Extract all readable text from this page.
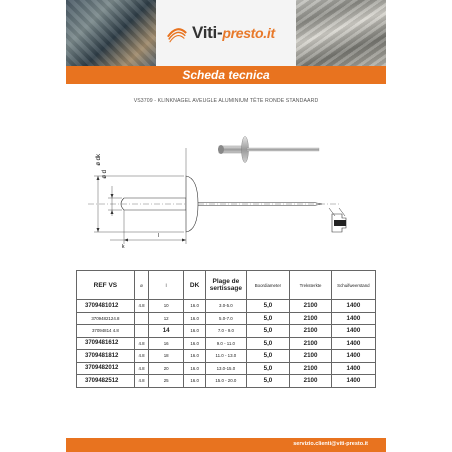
Viti-presto.it
Scheda tecnica
VS3709 - KLINKNAGEL AVEUGLE ALUMINIUM TÊTE RONDE STANDAARD
ø dk
ø d
k
l
REF VS	ø	l	DK	Plage de sertissage	Boordiameter	Treksterkte	Schuifweerstand
3709481012	4.8	10	16.0	3.0-5.0	5,0	2100	1400
3709482124.8		12	16.0	5.0-7.0	5,0	2100	1400
37094814 4.8		14	16.0	7.0 - 9.0	5,0	2100	1400
3709481612	4.8	16	16.0	9.0 - 11.0	5,0	2100	1400
3709481812	4.8	18	16.0	11.0 - 13.0	5,0	2100	1400
3709482012	4.8	20	16.0	13.0-15.0	5,0	2100	1400
3709482512	4.8	25	16.0	15.0 - 20.0	5,0	2100	1400
servizio.clienti@viti-presto.it
